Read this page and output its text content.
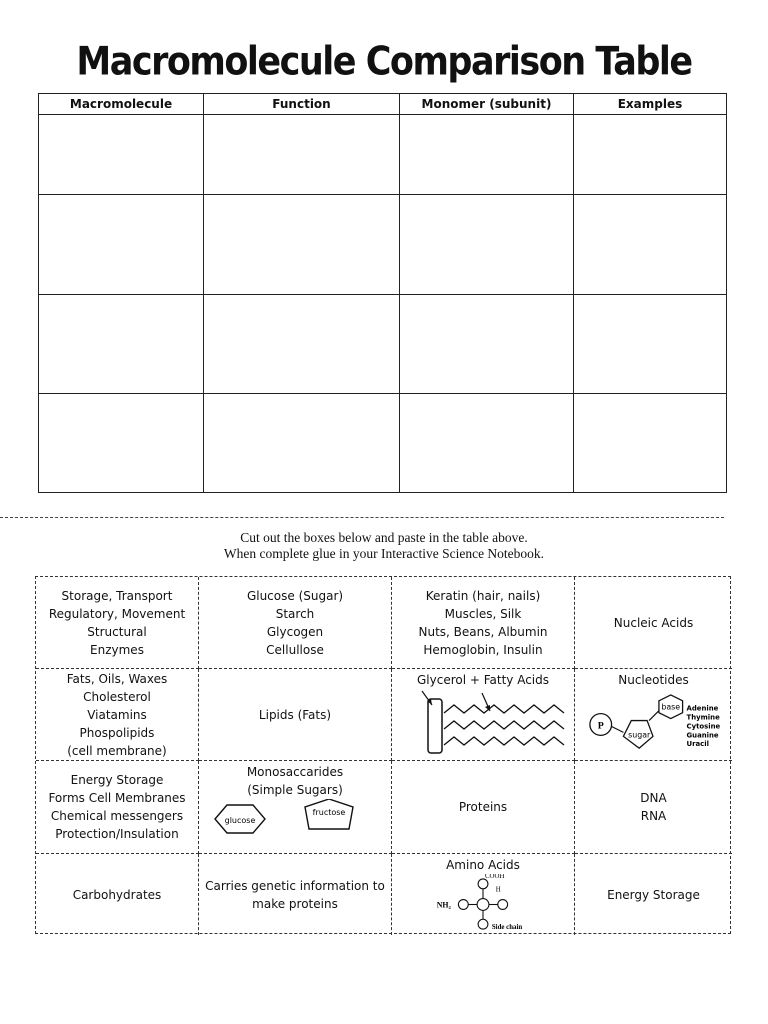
Macromolecule Comparison Table
Macromolecule	Function	Monomer (subunit)	Examples

Cut out the boxes below and paste in the table above.
When complete glue in your Interactive Science Notebook.
Storage, Transport
Regulatory, Movement
Structural
Enzymes
Glucose (Sugar)
Starch
Glycogen
Cellullose
Keratin (hair, nails)
Muscles, Silk
Nuts, Beans, Albumin
Hemoglobin, Insulin
Nucleic Acids
Fats, Oils, Waxes
Cholesterol
Viatamins
Phospolipids
(cell membrane)
Lipids (Fats)
Glycerol + Fatty Acids	Nucleotides
P
sugar
base Adenine
Thymine
Cytosine
Guanine
Uracil
Energy Storage
Forms Cell Membranes
Chemical messengers
Protection/Insulation
Monosaccarides
(Simple Sugars)
glucose
fructose	Proteins
DNA
RNA
Carbohydrates
Carries genetic information to
make proteins
Amino Acids
NH₂
COOH
H
Side chain
Energy Storage
